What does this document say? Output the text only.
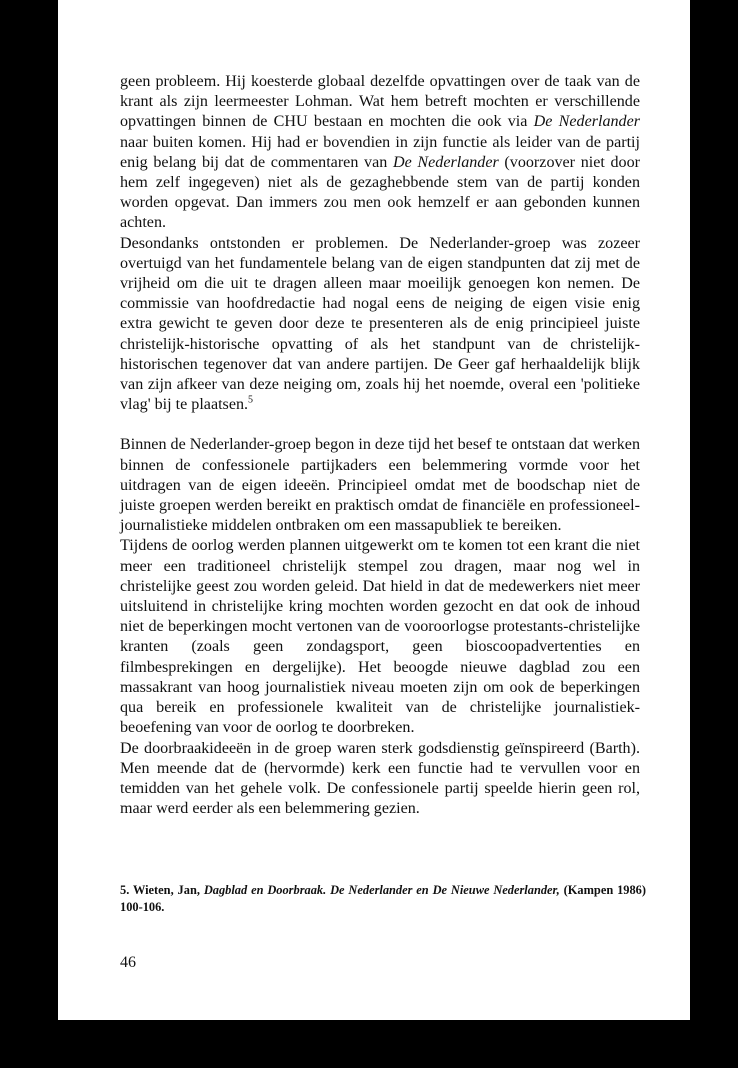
geen probleem. Hij koesterde globaal dezelfde opvattingen over de taak van de krant als zijn leermeester Lohman. Wat hem betreft mochten er verschillende opvattingen binnen de CHU bestaan en mochten die ook via De Nederlander naar buiten komen. Hij had er bovendien in zijn functie als leider van de partij enig belang bij dat de commentaren van De Nederlander (voorzover niet door hem zelf ingegeven) niet als de gezaghebbende stem van de partij konden worden opgevat. Dan immers zou men ook hemzelf er aan gebonden kunnen achten.

Desondanks ontstonden er problemen. De Nederlander-groep was zozeer overtuigd van het fundamentele belang van de eigen standpunten dat zij met de vrijheid om die uit te dragen alleen maar moeilijk genoegen kon nemen. De commissie van hoofdredactie had nogal eens de neiging de eigen visie enig extra gewicht te geven door deze te presenteren als de enig principieel juiste christelijk-historische opvatting of als het standpunt van de christelijk-historischen tegenover dat van andere partijen. De Geer gaf herhaaldelijk blijk van zijn afkeer van deze neiging om, zoals hij het noemde, overal een 'politieke vlag' bij te plaatsen.$^5$

Binnen de Nederlander-groep begon in deze tijd het besef te ontstaan dat werken binnen de confessionele partijkaders een belemmering vormde voor het uitdragen van de eigen ideeën. Principieel omdat met de boodschap niet de juiste groepen werden bereikt en praktisch omdat de financiële en professioneel-journalistieke middelen ontbraken om een massapubliek te bereiken.

Tijdens de oorlog werden plannen uitgewerkt om te komen tot een krant die niet meer een traditioneel christelijk stempel zou dragen, maar nog wel in christelijke geest zou worden geleid. Dat hield in dat de medewerkers niet meer uitsluitend in christelijke kring mochten worden gezocht en dat ook de inhoud niet de beperkingen mocht vertonen van de vooroorlogse protestants-christelijke kranten (zoals geen zondagsport, geen bioscoopadvertenties en filmbesprekingen en dergelijke). Het beoogde nieuwe dagblad zou een massakrant van hoog journalistiek niveau moeten zijn om ook de beperkingen qua bereik en professionele kwaliteit van de christelijke journalistiek-beoefening van voor de oorlog te doorbreken.

De doorbraakideeën in de groep waren sterk godsdienstig geïnspireerd (Barth). Men meende dat de (hervormde) kerk een functie had te vervullen voor en temidden van het gehele volk. De confessionele partij speelde hierin geen rol, maar werd eerder als een belemmering gezien.

5. Wieten, Jan, Dagblad en Doorbraak. De Nederlander en De Nieuwe Nederlander, (Kampen 1986) 100-106.
46
